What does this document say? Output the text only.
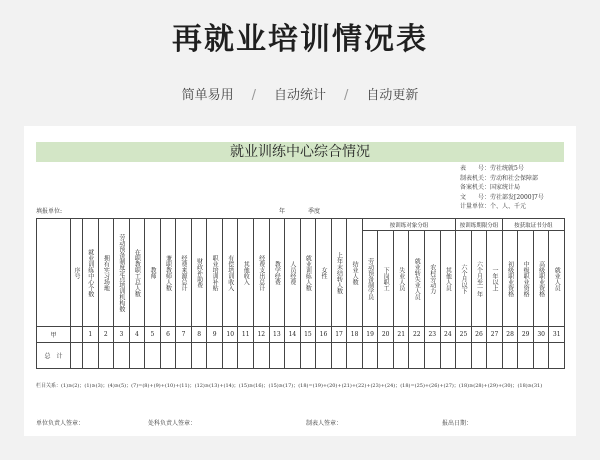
再就业培训情况表
简单易用 / 自动统计 / 自动更新
就业训练中心综合情况
表　　号：劳社统就5号
制表机关：劳动和社会保障部
备案机关：国家统计局
文　　号：劳社部发[2000]7号
计量单位：个、人、千元
填报单位:	年	季度

	序号	就业训练中心个数	拥有实习场地	劳动预备制度定点培训机构数	在职教职工总人数	教师	兼职教师人数	经费来源总计	财政补助费	职业培训补贴	有偿培训收入	其他收入	经费支出总计	教学经费	人员经费	就业训练人数	女性	上年末结转人数	结业人数	按训练对象分组						按训练期限分组			按获取证书分组			

																				劳动预备制学员	下岗职工	失业人员	就业转失业人员	农村劳动力	其他人员	六个月以下	六个月至一年	一年以上	初级职业资格	中级职业资格	高级职业资格	就业人员

甲		1	2	3	4	5	6	7	8	9	10	11	12	13	14	15	16	17	18	19	20	21	22	23	24	25	26	27	28	29	30	31
总　计																																
栏目关系：(1)≥(2)；(1)≥(3)；(4)≥(5)；(7)=(8)+(9)+(10)+(11)；(12)≥(13)+(14)；(15)≥(16)；(15)≥(17)；(18)=(19)+(20)+(21)+(22)+(23)+(24)；(18)=(25)+(26)+(27)；(18)≥(28)+(29)+(30)；(18)≥(31)
单位负责人签章：	处科负责人签章：	制表人签章：	报出日期：
